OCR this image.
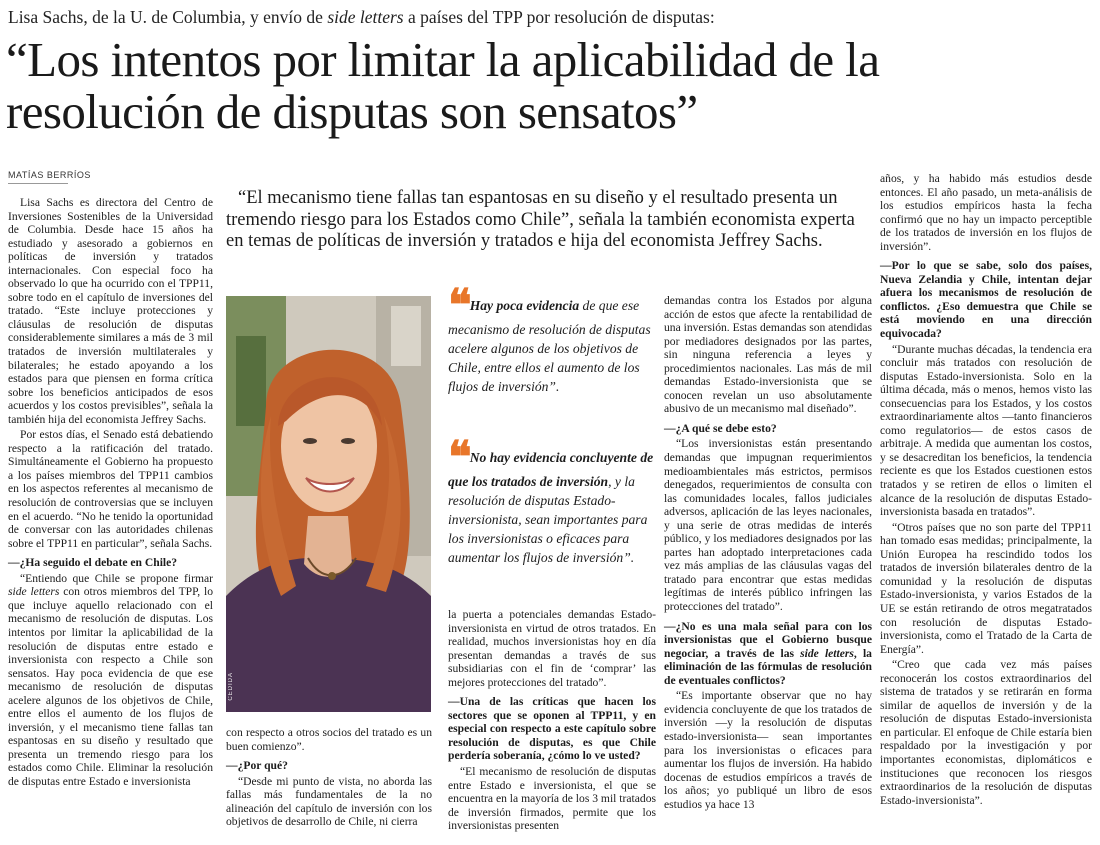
Lisa Sachs, de la U. de Columbia, y envío de side letters a países del TPP por resolución de disputas:
“Los intentos por limitar la aplicabilidad de la
resolución de disputas son sensatos”
MATÍAS BERRÍOS

Lisa Sachs es directora del Centro de Inversiones Sostenibles de la Universidad de Columbia. Desde hace 15 años ha estudiado y asesorado a gobiernos en políticas de inversión y tratados internacionales. Con especial foco ha observado lo que ha ocurrido con el TPP11, sobre todo en el capítulo de inversiones del tratado. “Este incluye protecciones y cláusulas de resolución de disputas considerablemente similares a más de 3 mil tratados de inversión multilaterales y bilaterales; he estado apoyando a los estados para que piensen en forma crítica sobre los beneficios anticipados de esos acuerdos y los costos previsibles”, señala la también hija del economista Jeffrey Sachs.

Por estos días, el Senado está debatiendo respecto a la ratificación del tratado. Simultáneamente el Gobierno ha propuesto a los países miembros del TPP11 cambios en los aspectos referentes al mecanismo de resolución de controversias que se incluyen en el acuerdo. “No he tenido la oportunidad de conversar con las autoridades chilenas sobre el TPP11 en particular”, señala Sachs.

—¿Ha seguido el debate en Chile?

“Entiendo que Chile se propone firmar side letters con otros miembros del TPP, lo que incluye aquello relacionado con el mecanismo de resolución de disputas. Los intentos por limitar la aplicabilidad de la resolución de disputas entre estado e inversionista con respecto a Chile son sensatos. Hay poca evidencia de que ese mecanismo de resolución de disputas acelere algunos de los objetivos de Chile, entre ellos el aumento de los flujos de inversión, y el mecanismo tiene fallas tan espantosas en su diseño y resultado que presenta un tremendo riesgo para los estados como Chile. Eliminar la resolución de disputas entre Estado e inversionista

“El mecanismo tiene fallas tan espantosas en su diseño y el resultado presenta un tremendo riesgo para los Estados como Chile”, señala la también economista experta en temas de políticas de inversión y tratados e hija del economista Jeffrey Sachs.

CEDIDA
❝ Hay poca evidencia de que ese mecanismo de resolución de disputas acelere algunos de los objetivos de Chile, entre ellos el aumento de los flujos de inversión”.
❝ No hay evidencia concluyente de que los tratados de inversión, y la resolución de disputas Estado-inversionista, sean importantes para los inversionistas o eficaces para aumentar los flujos de inversión”.

con respecto a otros socios del tratado es un buen comienzo”.

—¿Por qué?

“Desde mi punto de vista, no aborda las fallas más fundamentales de la no alineación del capítulo de inversión con los objetivos de desarrollo de Chile, ni cierra

la puerta a potenciales demandas Estado-inversionista en virtud de otros tratados. En realidad, muchos inversionistas hoy en día presentan demandas a través de sus subsidiarias con el fin de ‘comprar’ las mejores protecciones del tratado”.

—Una de las críticas que hacen los sectores que se oponen al TPP11, y en especial con respecto a este capítulo sobre resolución de disputas, es que Chile perdería soberanía, ¿cómo lo ve usted?

“El mecanismo de resolución de disputas entre Estado e inversionista, el que se encuentra en la mayoría de los 3 mil tratados de inversión firmados, permite que los inversionistas presenten

demandas contra los Estados por alguna acción de estos que afecte la rentabilidad de una inversión. Estas demandas son atendidas por mediadores designados por las partes, sin ninguna referencia a leyes y procedimientos nacionales. Las más de mil demandas Estado-inversionista que se conocen revelan un uso absolutamente abusivo de un mecanismo mal diseñado”.

—¿A qué se debe esto?

“Los inversionistas están presentando demandas que impugnan requerimientos medioambientales más estrictos, permisos denegados, requerimientos de consulta con las comunidades locales, fallos judiciales adversos, aplicación de las leyes nacionales, y una serie de otras medidas de interés público, y los mediadores designados por las partes han adoptado interpretaciones cada vez más amplias de las cláusulas vagas del tratado para encontrar que estas medidas legítimas de interés público infringen las protecciones del tratado”.

—¿No es una mala señal para con los inversionistas que el Gobierno busque negociar, a través de las side letters, la eliminación de las fórmulas de resolución de eventuales conflictos?

“Es importante observar que no hay evidencia concluyente de que los tratados de inversión —y la resolución de disputas estado-inversionista— sean importantes para los inversionistas o eficaces para aumentar los flujos de inversión. Ha habido docenas de estudios empíricos a través de los años; yo publiqué un libro de esos estudios ya hace 13

años, y ha habido más estudios desde entonces. El año pasado, un meta-análisis de los estudios empíricos hasta la fecha confirmó que no hay un impacto perceptible de los tratados de inversión en los flujos de inversión”.

—Por lo que se sabe, solo dos países, Nueva Zelandia y Chile, intentan dejar afuera los mecanismos de resolución de conflictos. ¿Eso demuestra que Chile se está moviendo en una dirección equivocada?

“Durante muchas décadas, la tendencia era concluir más tratados con resolución de disputas Estado-inversionista. Solo en la última década, más o menos, hemos visto las consecuencias para los Estados, y los costos extraordinariamente altos —tanto financieros como regulatorios— de estos casos de arbitraje. A medida que aumentan los costos, y se desacreditan los beneficios, la tendencia reciente es que los Estados cuestionen estos tratados y se retiren de ellos o limiten el alcance de la resolución de disputas Estado-inversionista basada en tratados”.

“Otros países que no son parte del TPP11 han tomado esas medidas; principalmente, la Unión Europea ha rescindido todos los tratados de inversión bilaterales dentro de la comunidad y la resolución de disputas Estado-inversionista, y varios Estados de la UE se están retirando de otros megatratados con resolución de disputas Estado-inversionista, como el Tratado de la Carta de Energía”.

“Creo que cada vez más países reconocerán los costos extraordinarios del sistema de tratados y se retirarán en forma similar de aquellos de inversión y de la resolución de disputas Estado-inversionista en particular. El enfoque de Chile estaría bien respaldado por la investigación y por importantes economistas, diplomáticos e instituciones que reconocen los riesgos extraordinarios de la resolución de disputas Estado-inversionista”.
